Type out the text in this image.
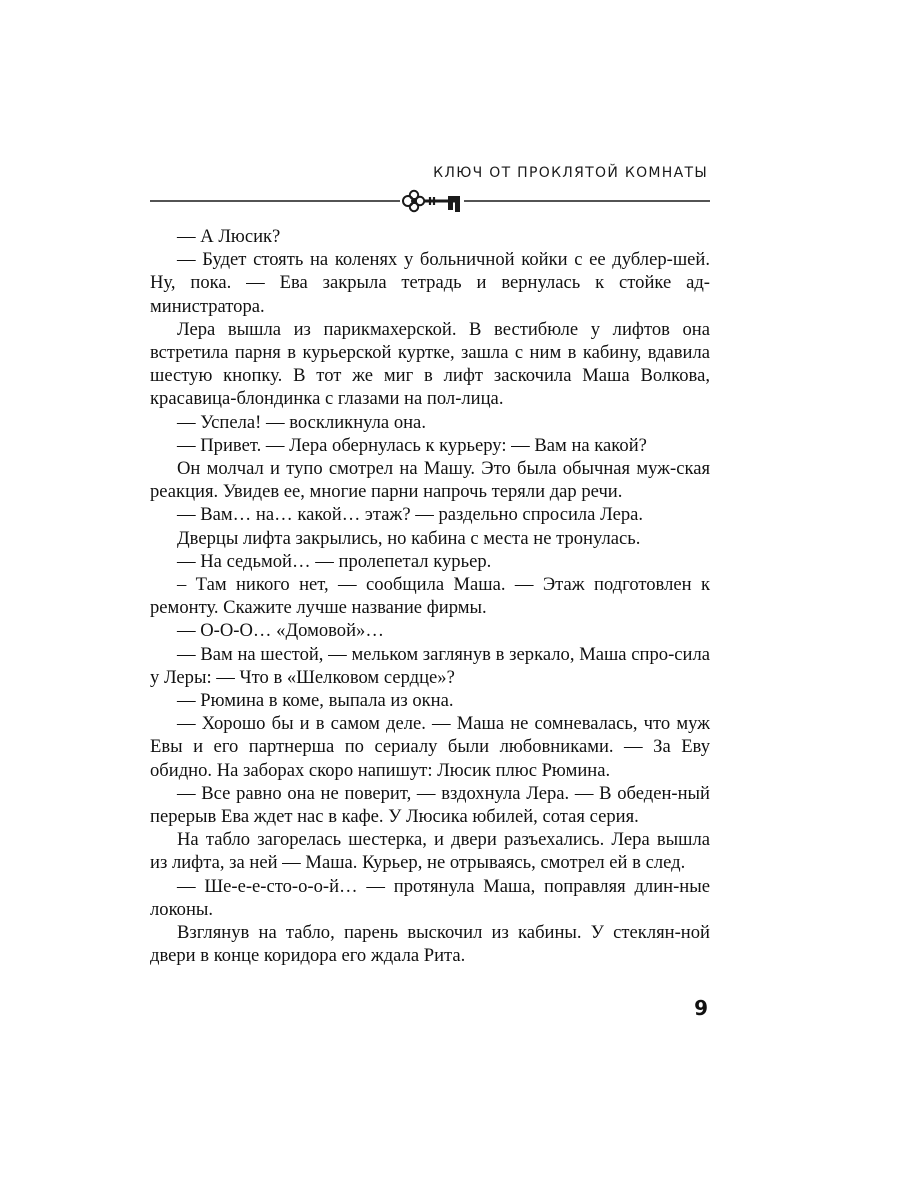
КЛЮЧ ОТ ПРОКЛЯТОЙ КОМНАТЫ

— А Люсик?

— Будет стоять на коленях у больничной койки с ее дублер-шей. Ну, пока. — Ева закрыла тетрадь и вернулась к стойке ад-министратора.

Лера вышла из парикмахерской. В вестибюле у лифтов она встретила парня в курьерской куртке, зашла с ним в кабину, вдавила шестую кнопку. В тот же миг в лифт заскочила Маша Волкова, красавица-блондинка с глазами на пол-лица.

— Успела! — воскликнула она.

— Привет. — Лера обернулась к курьеру: — Вам на какой?

Он молчал и тупо смотрел на Машу. Это была обычная муж-ская реакция. Увидев ее, многие парни напрочь теряли дар речи.

— Вам… на… какой… этаж? — раздельно спросила Лера.

Дверцы лифта закрылись, но кабина с места не тронулась.

— На седьмой… — пролепетал курьер.

– Там никого нет, — сообщила Маша. — Этаж подготовлен к ремонту. Скажите лучше название фирмы.

— О-О-О… «Домовой»…

— Вам на шестой, — мельком заглянув в зеркало, Маша спро-сила у Леры: — Что в «Шелковом сердце»?

— Рюмина в коме, выпала из окна.

— Хорошо бы и в самом деле. — Маша не сомневалась, что муж Евы и его партнерша по сериалу были любовниками. — За Еву обидно. На заборах скоро напишут: Люсик плюс Рюмина.

— Все равно она не поверит, — вздохнула Лера. — В обеден-ный перерыв Ева ждет нас в кафе. У Люсика юбилей, сотая серия.

На табло загорелась шестерка, и двери разъехались. Лера вышла из лифта, за ней — Маша. Курьер, не отрываясь, смотрел ей в след.

— Ше-е-е-сто-о-о-й… — протянула Маша, поправляя длин-ные локоны.

Взглянув на табло, парень выскочил из кабины. У стеклян-ной двери в конце коридора его ждала Рита.

9
